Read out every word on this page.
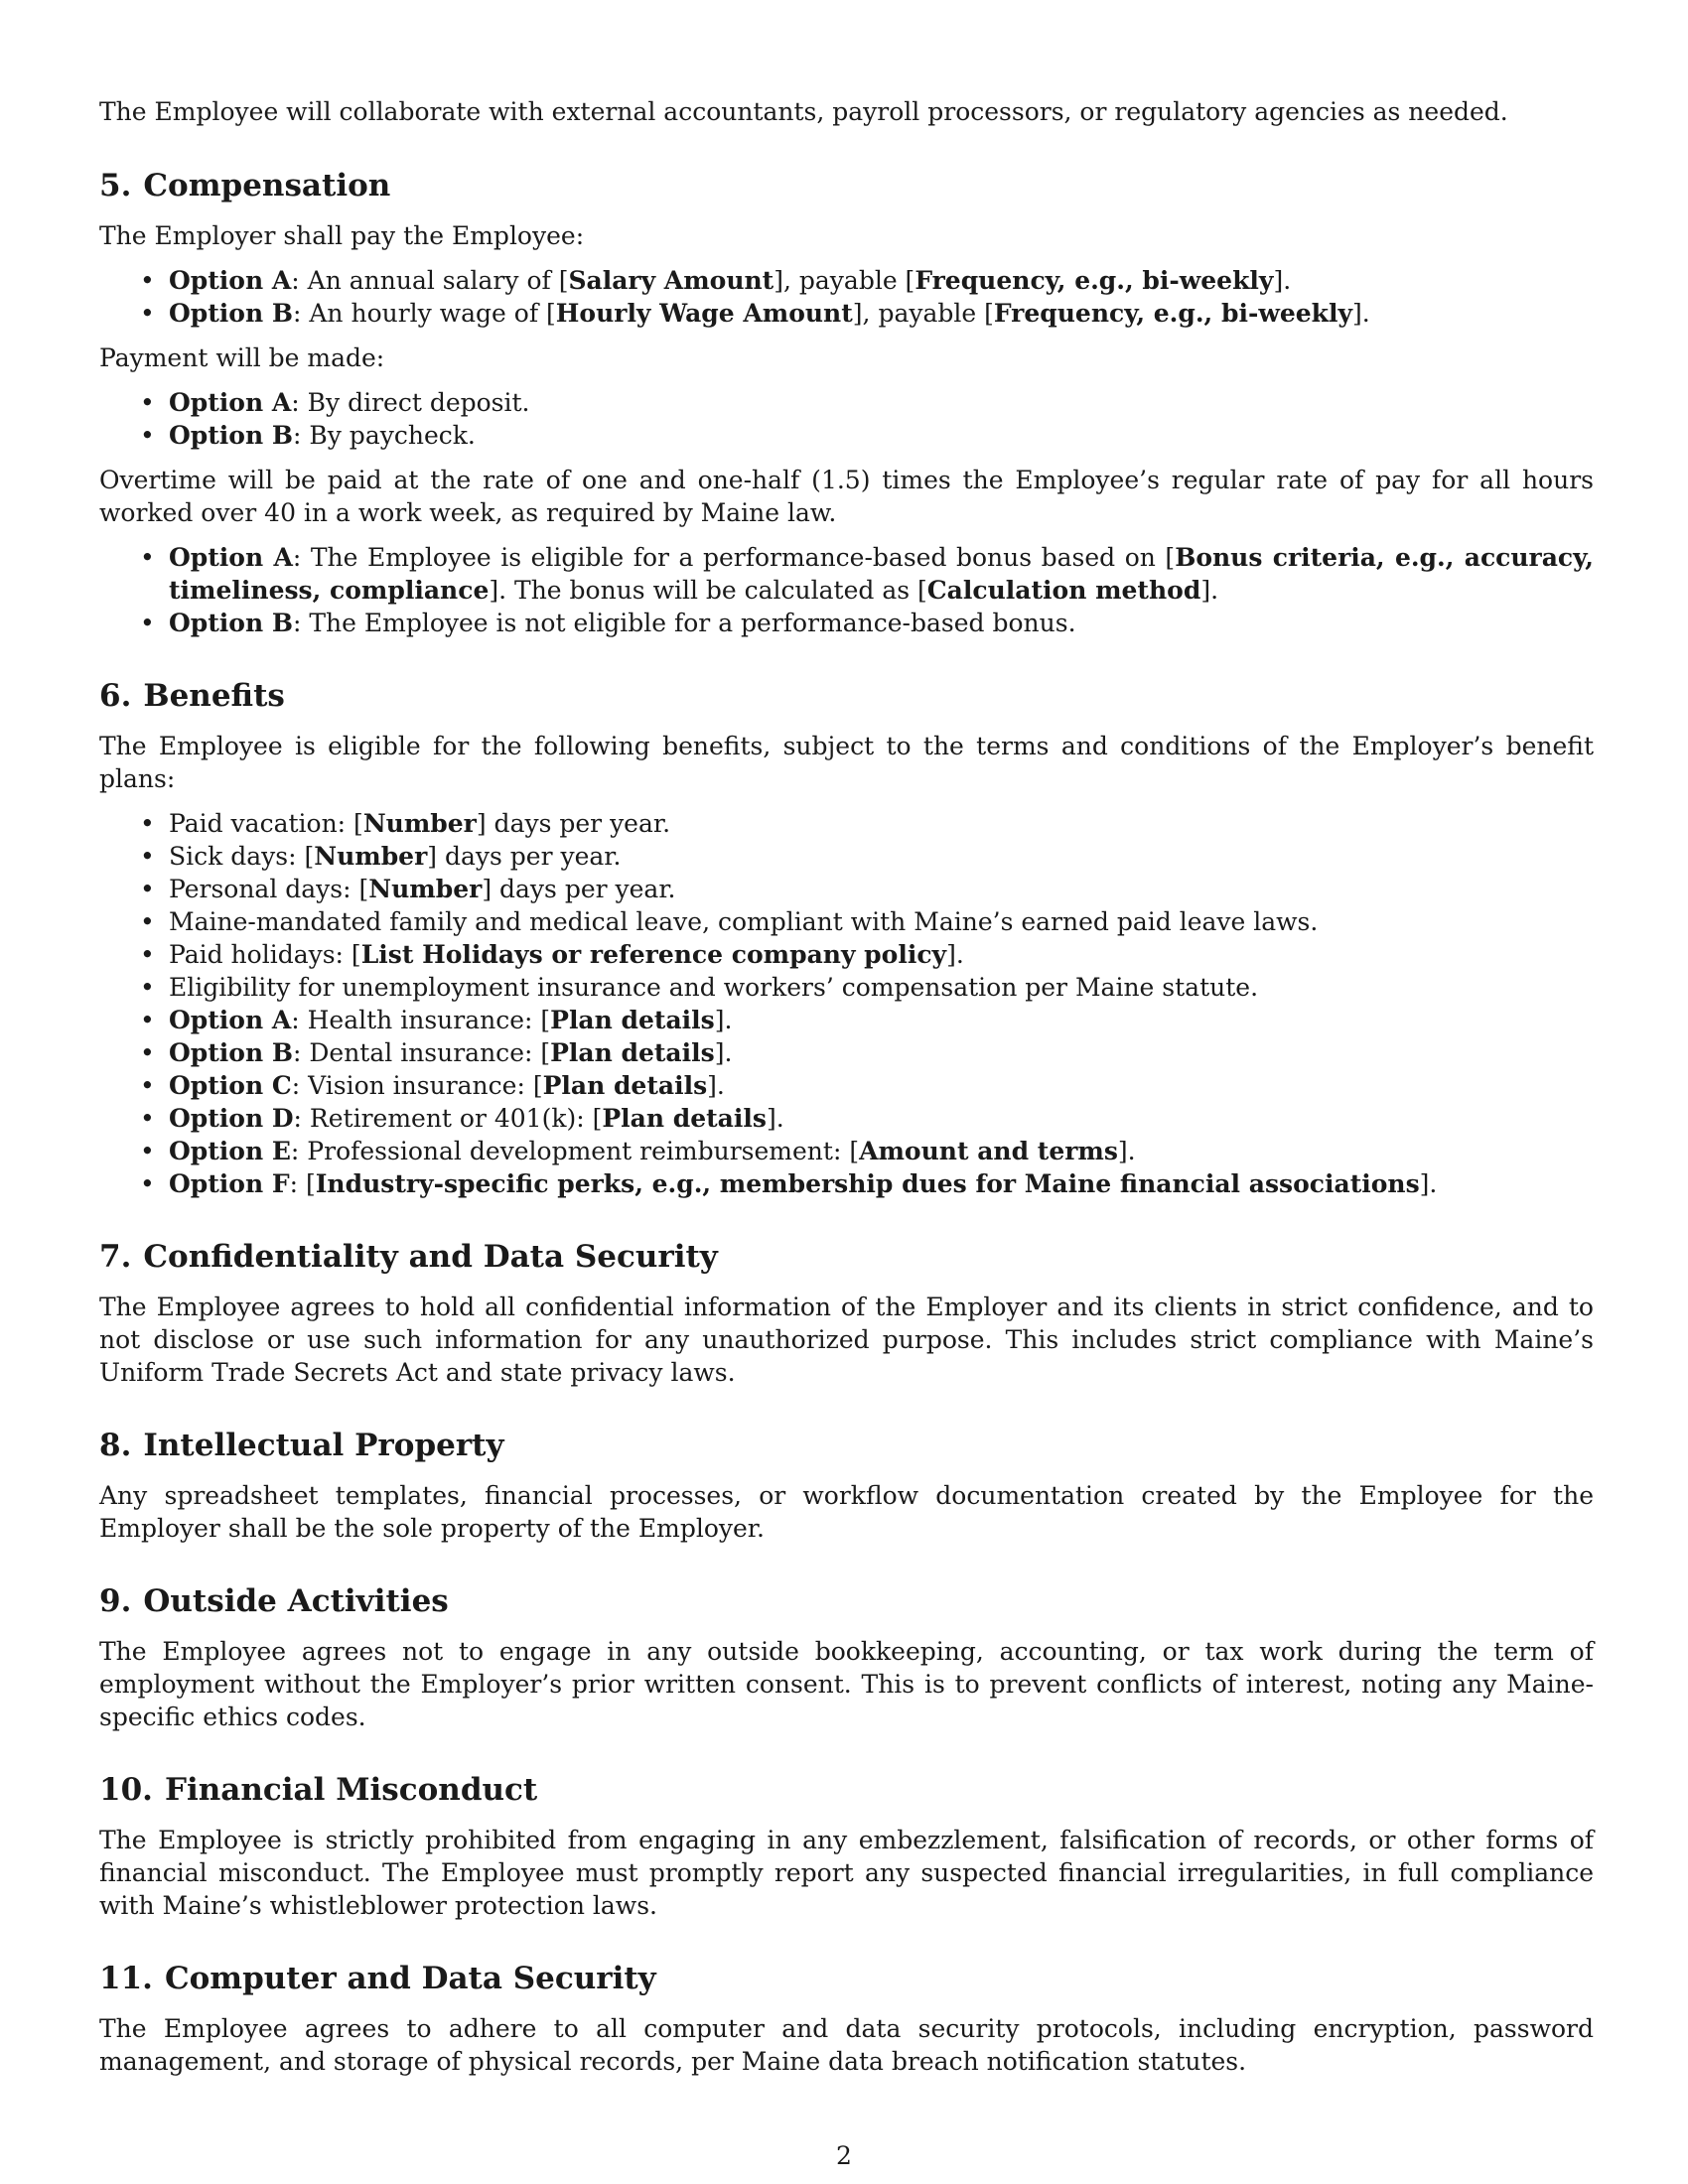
The Employee will collaborate with external accountants, payroll processors, or regulatory agencies as needed.

5. Compensation

The Employer shall pay the Employee:

• Option A: An annual salary of [Salary Amount], payable [Frequency, e.g., bi-weekly].
• Option B: An hourly wage of [Hourly Wage Amount], payable [Frequency, e.g., bi-weekly].

Payment will be made:

• Option A: By direct deposit.
• Option B: By paycheck.

Overtime will be paid at the rate of one and one-half (1.5) times the Employee’s regular rate of pay for all hours worked over 40 in a work week, as required by Maine law.

• Option A: The Employee is eligible for a performance-based bonus based on [Bonus criteria, e.g., accuracy, timeliness, compliance]. The bonus will be calculated as [Calculation method].
• Option B: The Employee is not eligible for a performance-based bonus.
6. Benefits

The Employee is eligible for the following benefits, subject to the terms and conditions of the Employer’s benefit plans:

• Paid vacation: [Number] days per year.
• Sick days: [Number] days per year.
• Personal days: [Number] days per year.
• Maine-mandated family and medical leave, compliant with Maine’s earned paid leave laws.
• Paid holidays: [List Holidays or reference company policy].
• Eligibility for unemployment insurance and workers’ compensation per Maine statute.
• Option A: Health insurance: [Plan details].
• Option B: Dental insurance: [Plan details].
• Option C: Vision insurance: [Plan details].
• Option D: Retirement or 401(k): [Plan details].
• Option E: Professional development reimbursement: [Amount and terms].
• Option F: [Industry-specific perks, e.g., membership dues for Maine financial associations].
7. Confidentiality and Data Security

The Employee agrees to hold all confidential information of the Employer and its clients in strict confidence, and to not disclose or use such information for any unauthorized purpose. This includes strict compliance with Maine’s Uniform Trade Secrets Act and state privacy laws.

8. Intellectual Property

Any spreadsheet templates, financial processes, or workflow documentation created by the Employee for the Employer shall be the sole property of the Employer.

9. Outside Activities

The Employee agrees not to engage in any outside bookkeeping, accounting, or tax work during the term of employment without the Employer’s prior written consent. This is to prevent conflicts of interest, noting any Maine-specific ethics codes.

10. Financial Misconduct

The Employee is strictly prohibited from engaging in any embezzlement, falsification of records, or other forms of financial misconduct. The Employee must promptly report any suspected financial irregularities, in full compliance with Maine’s whistleblower protection laws.

11. Computer and Data Security

The Employee agrees to adhere to all computer and data security protocols, including encryption, password management, and storage of physical records, per Maine data breach notification statutes.

2
